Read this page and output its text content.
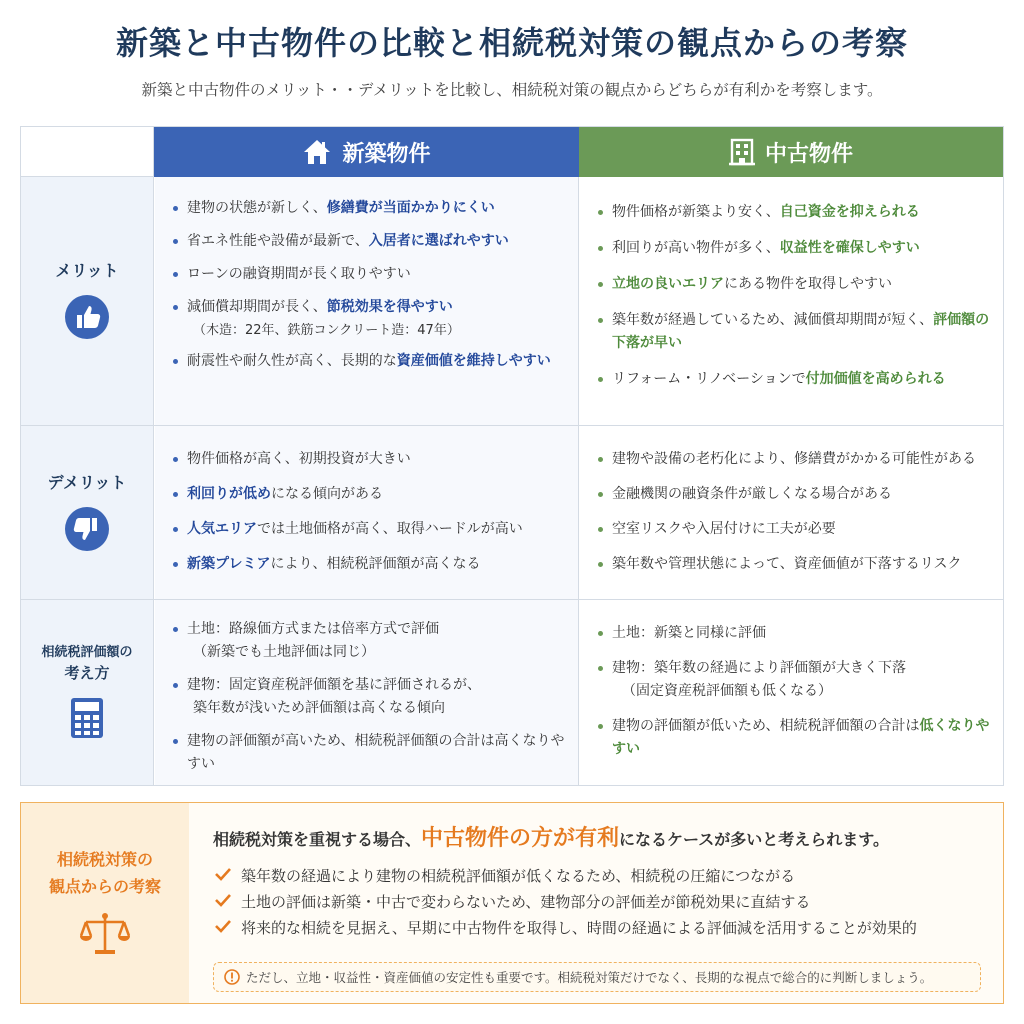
新築と中古物件の比較と相続税対策の観点からの考察
新築と中古物件のメリット・・デメリットを比較し、相続税対策の観点からどちらが有利かを考察します。
新築物件	中古物件
メリット
建物の状態が新しく、修繕費が当面かかりにくい
省エネ性能や設備が最新で、入居者に選ばれやすい
ローンの融資期間が長く取りやすい
減価償却期間が長く、節税効果を得やすい
（木造：22年、鉄筋コンクリート造：47年）
耐震性や耐久性が高く、長期的な資産価値を維持しやすい
物件価格が新築より安く、自己資金を抑えられる
利回りが高い物件が多く、収益性を確保しやすい
立地の良いエリアにある物件を取得しやすい
築年数が経過しているため、減価償却期間が短く、評価額の下落が早い
リフォーム・リノベーションで付加価値を高められる
デメリット
物件価格が高く、初期投資が大きい
利回りが低めになる傾向がある
人気エリアでは土地価格が高く、取得ハードルが高い
新築プレミアにより、相続税評価額が高くなる
建物や設備の老朽化により、修繕費がかかる可能性がある
金融機関の融資条件が厳しくなる場合がある
空室リスクや入居付けに工夫が必要
築年数や管理状態によって、資産価値が下落するリスク
相続税評価額の
考え方
土地：路線価方式または倍率方式で評価
（新築でも土地評価は同じ）
建物：固定資産税評価額を基に評価されるが、
築年数が浅いため評価額は高くなる傾向
建物の評価額が高いため、相続税評価額の合計は高くなりやすい
土地：新築と同様に評価
建物：築年数の経過により評価額が大きく下落
（固定資産税評価額も低くなる）
建物の評価額が低いため、相続税評価額の合計は低くなりやすい
相続税対策の
観点からの考察
相続税対策を重視する場合、中古物件の方が有利になるケースが多いと考えられます。
築年数の経過により建物の相続税評価額が低くなるため、相続税の圧縮につながる
土地の評価は新築・中古で変わらないため、建物部分の評価差が節税効果に直結する
将来的な相続を見据え、早期に中古物件を取得し、時間の経過による評価減を活用することが効果的
ただし、立地・収益性・資産価値の安定性も重要です。相続税対策だけでなく、長期的な視点で総合的に判断しましょう。
